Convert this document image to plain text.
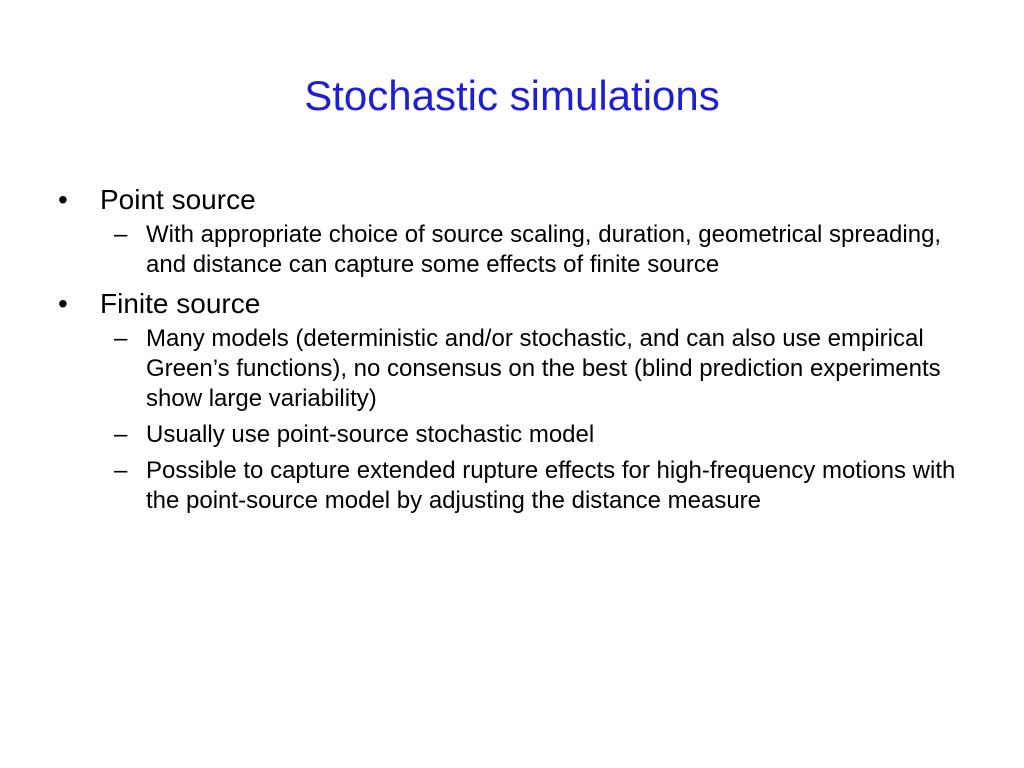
Stochastic simulations
•	Point source
– With appropriate choice of source scaling, duration, geometrical spreading, and distance can capture some effects of finite source
•	Finite source
– Many models (deterministic and/or stochastic, and can also use empirical Green’s functions), no consensus on the best (blind prediction experiments show large variability)
– Usually use point-source stochastic model
– Possible to capture extended rupture effects for high-frequency motions with the point-source model by adjusting the distance measure
